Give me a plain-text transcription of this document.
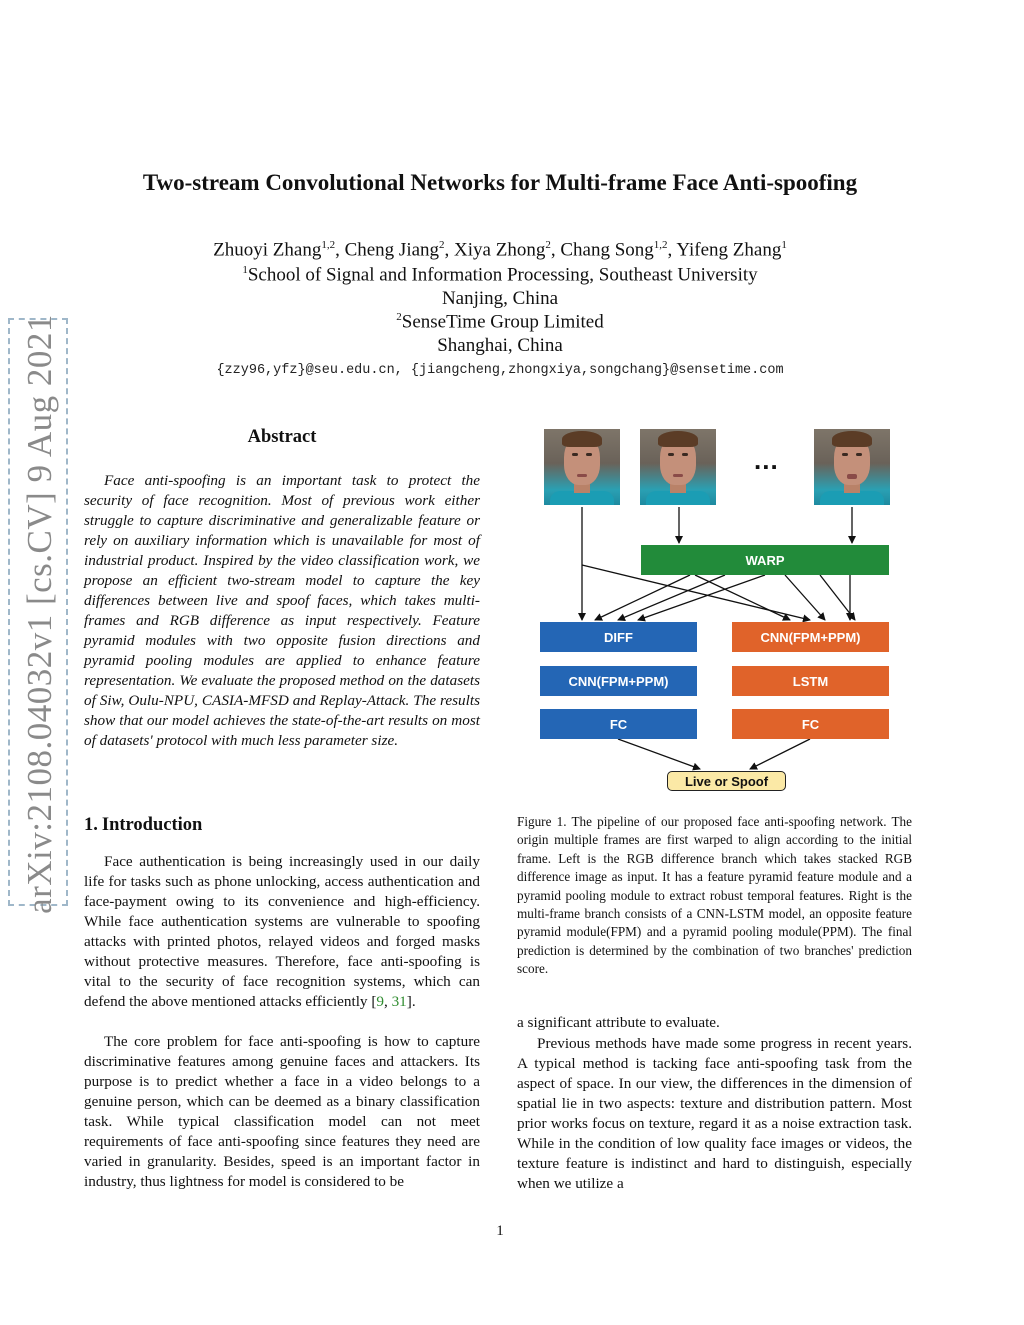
arXiv:2108.04032v1 [cs.CV] 9 Aug 2021
Two-stream Convolutional Networks for Multi-frame Face Anti-spoofing
Zhuoyi Zhang$^{1,2}$, Cheng Jiang$^2$, Xiya Zhong$^2$, Chang Song$^{1,2}$, Yifeng Zhang$^1$
$^1$School of Signal and Information Processing, Southeast University
Nanjing, China
$^2$SenseTime Group Limited
Shanghai, China
{zzy96,yfz}@seu.edu.cn, {jiangcheng,zhongxiya,songchang}@sensetime.com
Abstract

Face anti-spoofing is an important task to protect the security of face recognition. Most of previous work either struggle to capture discriminative and generalizable feature or rely on auxiliary information which is unavailable for most of industrial product. Inspired by the video classification work, we propose an efficient two-stream model to capture the key differences between live and spoof faces, which takes multi-frames and RGB difference as input respectively. Feature pyramid modules with two opposite fusion directions and pyramid pooling modules are applied to enhance feature representation. We evaluate the proposed method on the datasets of Siw, Oulu-NPU, CASIA-MFSD and Replay-Attack. The results show that our model achieves the state-of-the-art results on most of datasets' protocol with much less parameter size.

1. Introduction

Face authentication is being increasingly used in our daily life for tasks such as phone unlocking, access authentication and face-payment owing to its convenience and high-efficiency. While face authentication systems are vulnerable to spoofing attacks with printed photos, relayed videos and forged masks without protective measures. Therefore, face anti-spoofing is vital to the security of face recognition systems, which can defend the above mentioned attacks efficiently [9, 31].

The core problem for face anti-spoofing is how to capture discriminative features among genuine faces and attackers. Its purpose is to predict whether a face in a video belongs to a genuine person, which can be deemed as a binary classification task. While typical classification model can not meet requirements of face anti-spoofing since features they need are varied in granularity. Besides, speed is an important factor in industry, thus lightness for model is considered to be

...
WARP
DIFF	CNN(FPM+PPM)
CNN(FPM+PPM)	LSTM
FC	FC
Live or Spoof

Figure 1. The pipeline of our proposed face anti-spoofing network. The origin multiple frames are first warped to align according to the initial frame. Left is the RGB difference branch which takes stacked RGB difference image as input. It has a feature pyramid feature module and a pyramid pooling module to extract robust temporal features. Right is the multi-frame branch consists of a CNN-LSTM model, an opposite feature pyramid module(FPM) and a pyramid pooling module(PPM). The final prediction is determined by the combination of two branches' prediction score.

a significant attribute to evaluate.

Previous methods have made some progress in recent years. A typical method is tacking face anti-spoofing task from the aspect of space. In our view, the differences in the dimension of spatial lie in two aspects: texture and distribution pattern. Most prior works focus on texture, regard it as a noise extraction task. While in the condition of low quality face images or videos, the texture feature is indistinct and hard to distinguish, especially when we utilize a

1
